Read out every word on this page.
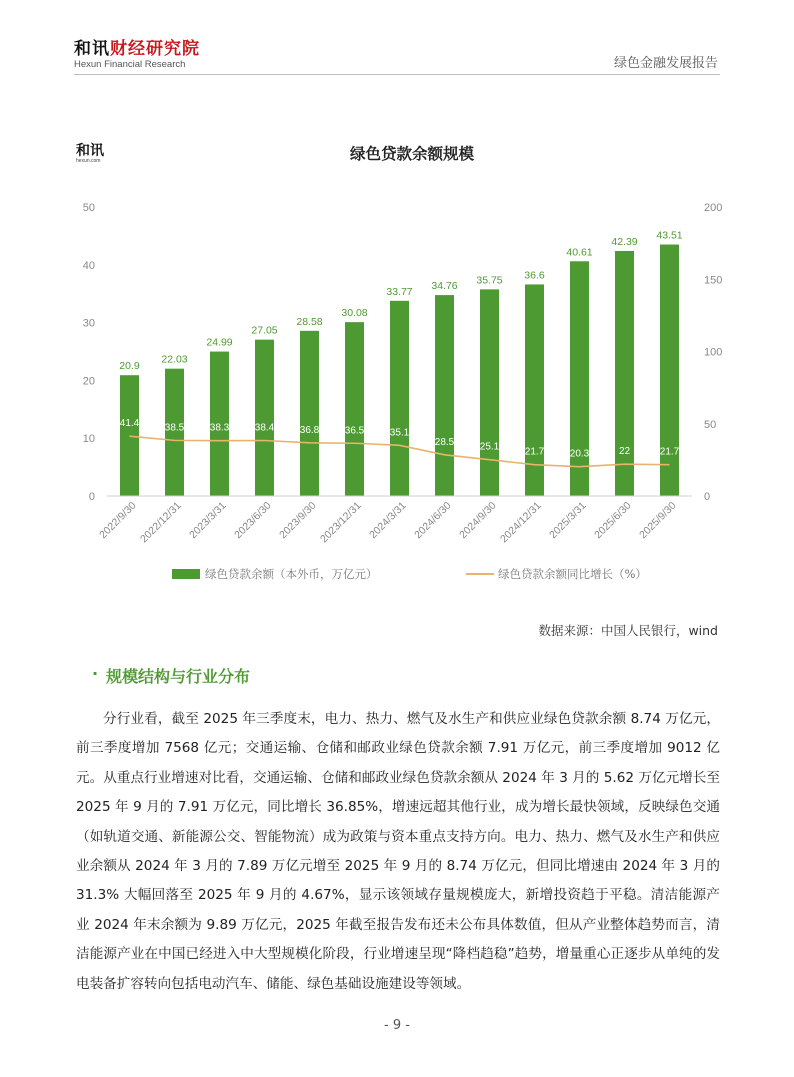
和讯财经研究院
Hexun Financial Research	绿色金融发展报告
和讯
hexun.com	绿色贷款余额规模
20.9
22.03
24.99
27.05
28.58
30.08
33.77 34.76 35.75 36.6
40.61
42.39
43.51
41.4	38.5	38.3	38.4	36.8	36.5	35.1
28.5	25.1	21.7	20.3	22	21.7
0
10
20
30
40
50
0
50
100
150
200
2022/9/30 2022/12/31 2023/3/31 2023/6/30 2023/9/30 2023/12/31 2024/3/31 2024/6/30 2024/9/30 2024/12/31 2025/3/31 2025/6/30 2025/9/30
绿色贷款余额（本外币，万亿元）	绿色贷款余额同比增长（%）
数据来源：中国人民银行，wind
· 规模结构与行业分布

分行业看，截至 2025 年三季度末，电力、热力、燃气及水生产和供应业绿色贷款余额 8.74 万亿元，前三季度增加 7568 亿元；交通运输、仓储和邮政业绿色贷款余额 7.91 万亿元，前三季度增加 9012 亿元。从重点行业增速对比看，交通运输、仓储和邮政业绿色贷款余额从 2024 年 3 月的 5.62 万亿元增长至 2025 年 9 月的 7.91 万亿元，同比增长 36.85%，增速远超其他行业，成为增长最快领域，反映绿色交通（如轨道交通、新能源公交、智能物流）成为政策与资本重点支持方向。电力、热力、燃气及水生产和供应业余额从 2024 年 3 月的 7.89 万亿元增至 2025 年 9 月的 8.74 万亿元，但同比增速由 2024 年 3 月的 31.3% 大幅回落至 2025 年 9 月的 4.67%，显示该领域存量规模庞大，新增投资趋于平稳。清洁能源产业 2024 年末余额为 9.89 万亿元，2025 年截至报告发布还未公布具体数值，但从产业整体趋势而言，清洁能源产业在中国已经进入中大型规模化阶段，行业增速呈现“降档趋稳”趋势，增量重心正逐步从单纯的发电装备扩容转向包括电动汽车、储能、绿色基础设施建设等领域。

- 9 -
